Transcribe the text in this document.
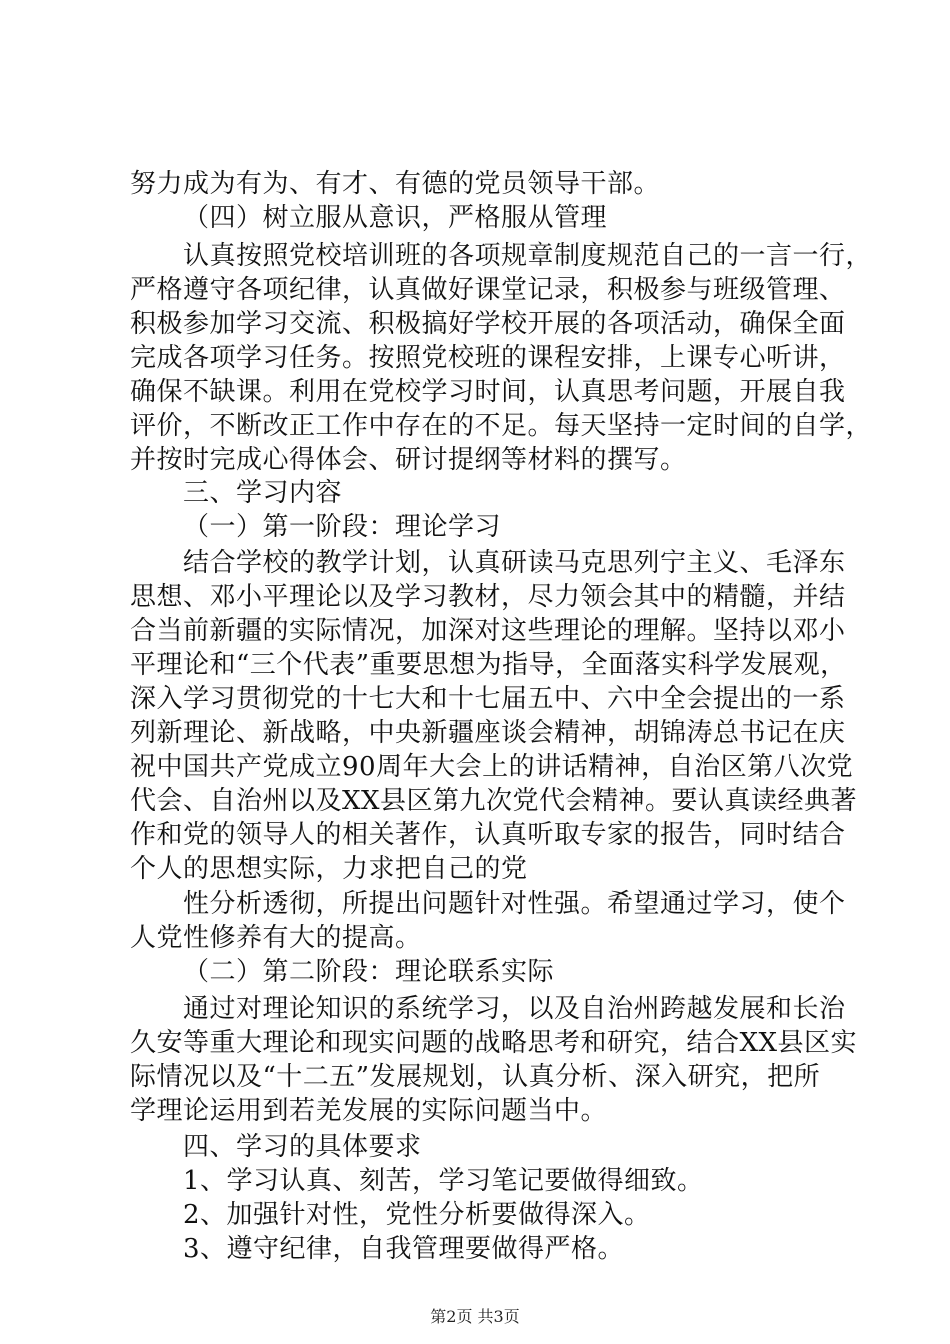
努力成为有为、有才、有德的党员领导干部。
（四）树立服从意识，严格服从管理
认真按照党校培训班的各项规章制度规范自己的一言一行，
严格遵守各项纪律，认真做好课堂记录，积极参与班级管理、
积极参加学习交流、积极搞好学校开展的各项活动，确保全面
完成各项学习任务。按照党校班的课程安排，上课专心听讲，
确保不缺课。利用在党校学习时间，认真思考问题，开展自我
评价，不断改正工作中存在的不足。每天坚持一定时间的自学，
并按时完成心得体会、研讨提纲等材料的撰写。
三、学习内容
（一）第一阶段：理论学习
结合学校的教学计划，认真研读马克思列宁主义、毛泽东
思想、邓小平理论以及学习教材，尽力领会其中的精髓，并结
合当前新疆的实际情况，加深对这些理论的理解。坚持以邓小
平理论和“三个代表”重要思想为指导，全面落实科学发展观，
深入学习贯彻党的十七大和十七届五中、六中全会提出的一系
列新理论、新战略，中央新疆座谈会精神，胡锦涛总书记在庆
祝中国共产党成立90周年大会上的讲话精神，自治区第八次党
代会、自治州以及XX县区第九次党代会精神。要认真读经典著
作和党的领导人的相关著作，认真听取专家的报告，同时结合
个人的思想实际，力求把自己的党
性分析透彻，所提出问题针对性强。希望通过学习，使个
人党性修养有大的提高。
（二）第二阶段：理论联系实际
通过对理论知识的系统学习，以及自治州跨越发展和长治
久安等重大理论和现实问题的战略思考和研究，结合XX县区实
际情况以及“十二五”发展规划，认真分析、深入研究，把所
学理论运用到若羌发展的实际问题当中。
四、学习的具体要求
1、学习认真、刻苦，学习笔记要做得细致。
2、加强针对性，党性分析要做得深入。
3、遵守纪律，自我管理要做得严格。
第2页 共3页
